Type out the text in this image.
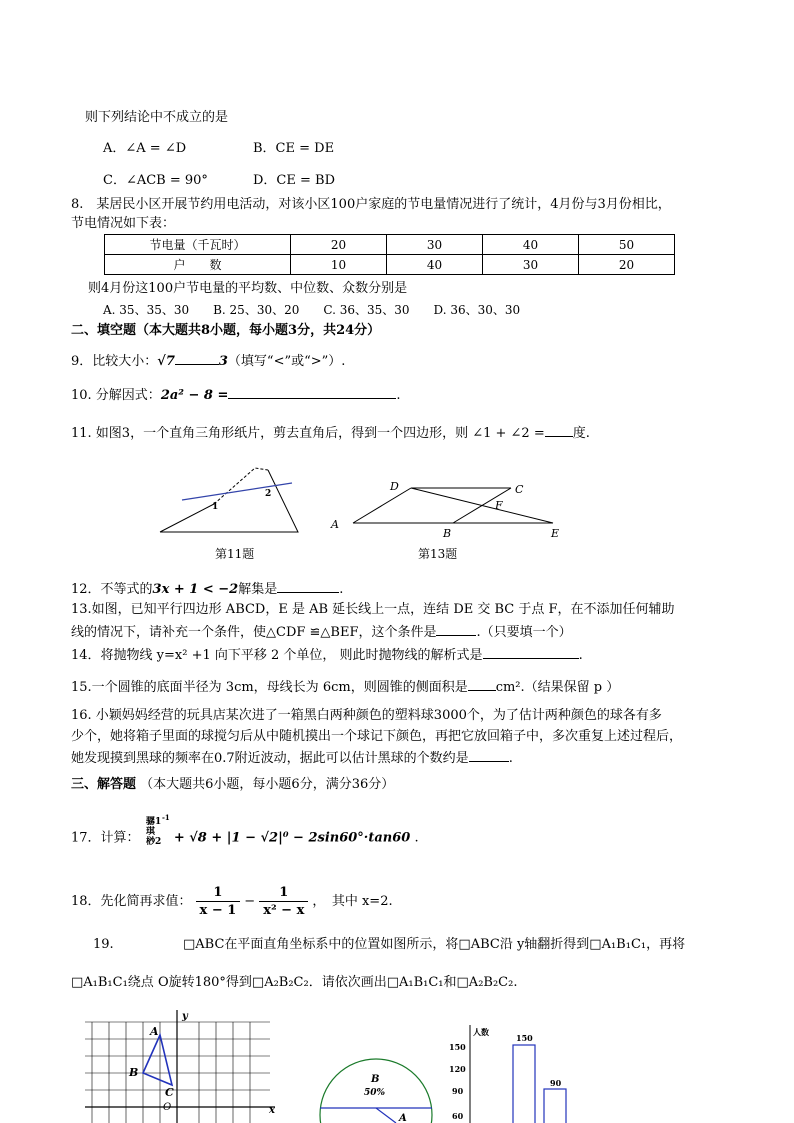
则下列结论中不成立的是
A．∠A = ∠D	B．CE = DE
C．∠ACB = 90°	D．CE = BD
8.　某居民小区开展节约用电活动，对该小区100户家庭的节电量情况进行了统计，4月份与3月份相比，
节电情况如下表：
节电量（千瓦时）	20	30	40	50
户　　数	10	40	30	20
则4月份这100户节电量的平均数、中位数、众数分别是
A. 35、35、30　　B. 25、30、20　　C. 36、35、30　　D. 36、30、30
二、填空题（本大题共8小题，每小题3分，共24分）
9．比较大小：√7	3（填写“<”或“>”）.
10. 分解因式：2a² − 8 =	.
11. 如图3，一个直角三角形纸片，剪去直角后，得到一个四边形，则 ∠1 + ∠2 = 度.
1
2
第11题
A
B
C
D
E
F
第13题
12．不等式的3x + 1 < −2解集是	.
13.如图，已知平行四边形 ABCD，E 是 AB 延长线上一点，连结 DE 交 BC 于点 F，在不添加任何辅助
线的情况下，请补充一个条件，使△CDF ≌△BEF，这个条件是	.（只要填一个）
14．将抛物线 y=x² +1 向下平移 2 个单位， 则此时抛物线的解析式是	.
15.一个圆锥的底面半径为 3cm，母线长为 6cm，则圆锥的侧面积是 cm².（结果保留 p ）
16. 小颖妈妈经营的玩具店某次进了一箱黑白两种颜色的塑料球3000个，为了估计两种颜色的球各有多
少个，她将箱子里面的球搅匀后从中随机摸出一个球记下颜色，再把它放回箱子中，多次重复上述过程后，
她发现摸到黑球的频率在0.7附近波动，据此可以估计黑球的个数约是	.
三、解答题 （本大题共6小题，每小题6分，满分36分）
17．计算：
骣1 -1
琪
桫2 + √8 + |1 − √2|⁰ − 2sin60°·tan60 .
18．先化简再求值： $\frac{1}{x - 1} - \frac{1}{\text{x² − x}}$ ，　其中 x=2.
19.	□ABC在平面直角坐标系中的位置如图所示，将□ABC沿 y轴翻折得到□A₁B₁C₁，再将
□A₁B₁C₁绕点 O旋转180°得到□A₂B₂C₂．请依次画出□A₁B₁C₁和□A₂B₂C₂.
A
B
C
O	x
y
B
50%
A
人数
150
120
90
60
150
90
